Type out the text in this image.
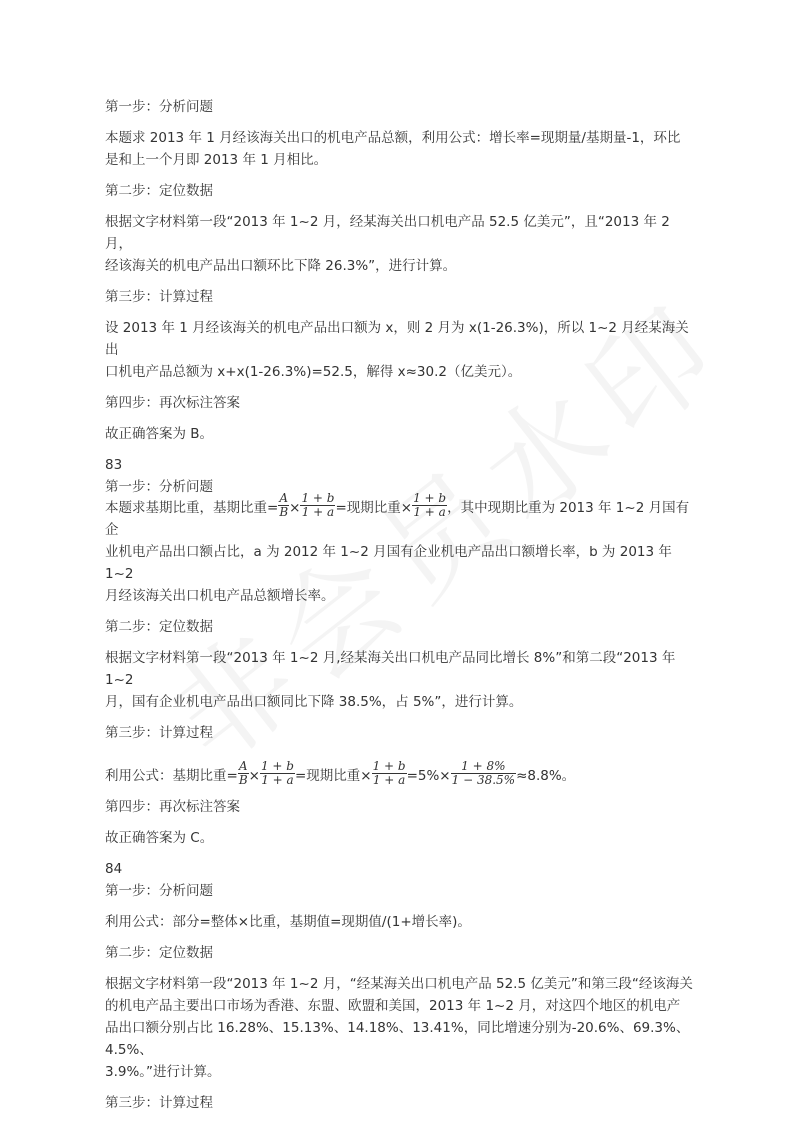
第一步：分析问题

本题求 2013 年 1 月经该海关出口的机电产品总额，利用公式：增长率=现期量/基期量-1，环比

是和上一个月即 2013 年 1 月相比。

第二步：定位数据

根据文字材料第一段“2013 年 1~2 月，经某海关出口机电产品 52.5 亿美元”，且“2013 年 2 月，

经该海关的机电产品出口额环比下降 26.3%”，进行计算。

第三步：计算过程

设 2013 年 1 月经该海关的机电产品出口额为 x，则 2 月为 x(1-26.3%)，所以 1~2 月经某海关出

口机电产品总额为 x+x(1-26.3%)=52.5，解得 x≈30.2（亿美元）。

第四步：再次标注答案

故正确答案为 B。

83

第一步：分析问题

本题求基期比重，基期比重= $\frac{A}{B} \times \frac{1 + b}{1 + a}$ =现期比重× $\frac{1 + b}{1 + a}$ ，其中现期比重为 2013 年 1~2 月国有企

业机电产品出口额占比，a 为 2012 年 1~2 月国有企业机电产品出口额增长率，b 为 2013 年 1~2

月经该海关出口机电产品总额增长率。

第二步：定位数据

根据文字材料第一段“2013 年 1~2 月,经某海关出口机电产品同比增长 8%”和第二段“2013 年 1~2

月，国有企业机电产品出口额同比下降 38.5%，占 5%”，进行计算。

第三步：计算过程

利用公式：基期比重= $\frac{A}{B} \times \frac{1 + b}{1 + a}$ =现期比重× $\frac{1 + b}{1 + a} =5\%\times \frac{1 + 8\%}{1 - 38.5\%} \approx 8.8\%$。

第四步：再次标注答案

故正确答案为 C。

84

第一步：分析问题

利用公式：部分=整体×比重，基期值=现期值/(1+增长率)。

第二步：定位数据

根据文字材料第一段“2013 年 1~2 月，“经某海关出口机电产品 52.5 亿美元”和第三段“经该海关

的机电产品主要出口市场为香港、东盟、欧盟和美国，2013 年 1~2 月，对这四个地区的机电产

品出口额分别占比 16.28%、15.13%、14.18%、13.41%，同比增速分别为-20.6%、69.3%、4.5%、

3.9%。”进行计算。

第三步：计算过程
